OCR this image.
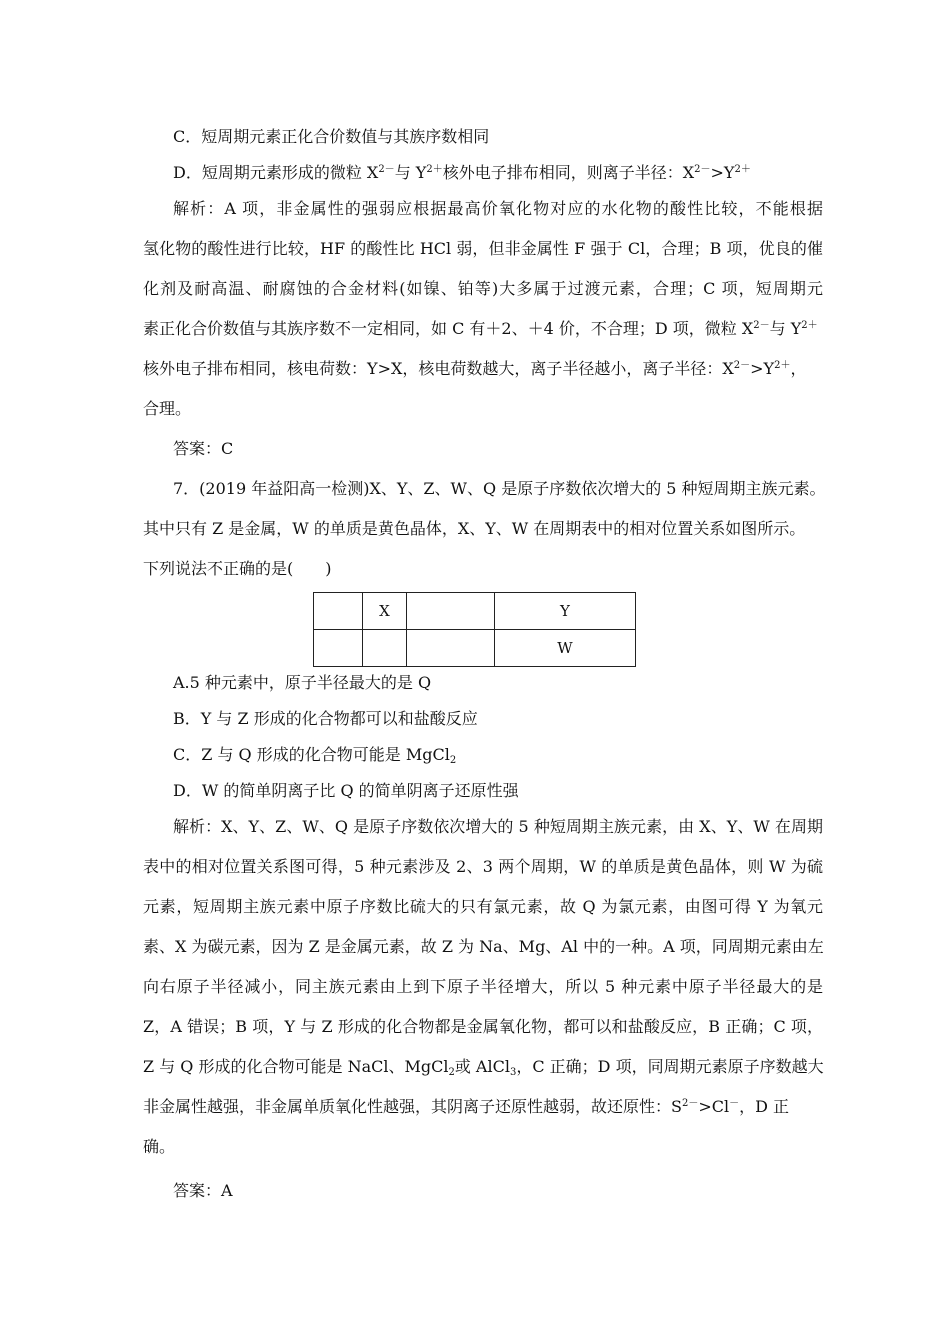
C．短周期元素正化合价数值与其族序数相同
D．短周期元素形成的微粒 $X^{2-}$与 $Y^{2+}$核外电子排布相同，则离子半径：$X^{2-}>Y^{2+}$
解析：A 项，非金属性的强弱应根据最高价氧化物对应的水化物的酸性比较，不能根据
氢化物的酸性进行比较，HF 的酸性比 HCl 弱，但非金属性 F 强于 Cl，合理；B 项，优良的催
化剂及耐高温、耐腐蚀的合金材料(如镍、铂等)大多属于过渡元素，合理；C 项，短周期元
素正化合价数值与其族序数不一定相同，如 C 有＋2、＋4 价，不合理；D 项，微粒 $X^{2-}$与 $Y^{2+}$
核外电子排布相同，核电荷数：Y>X，核电荷数越大，离子半径越小，离子半径：$X^{2-}>Y^{2+}$，
合理。
答案：C
7．(2019 年益阳高一检测)X、Y、Z、W、Q 是原子序数依次增大的 5 种短周期主族元素。
其中只有 Z 是金属，W 的单质是黄色晶体，X、Y、W 在周期表中的相对位置关系如图所示。
下列说法不正确的是(　　)
	X		Y
			W
A.5 种元素中，原子半径最大的是 Q
B．Y 与 Z 形成的化合物都可以和盐酸反应
C．Z 与 Q 形成的化合物可能是 MgCl$_2$
D．W 的简单阴离子比 Q 的简单阴离子还原性强
解析：X、Y、Z、W、Q 是原子序数依次增大的 5 种短周期主族元素，由 X、Y、W 在周期
表中的相对位置关系图可得，5 种元素涉及 2、3 两个周期，W 的单质是黄色晶体，则 W 为硫
元素，短周期主族元素中原子序数比硫大的只有氯元素，故 Q 为氯元素，由图可得 Y 为氧元
素、X 为碳元素，因为 Z 是金属元素，故 Z 为 Na、Mg、Al 中的一种。A 项，同周期元素由左
向右原子半径减小，同主族元素由上到下原子半径增大，所以 5 种元素中原子半径最大的是
Z，A 错误；B 项，Y 与 Z 形成的化合物都是金属氧化物，都可以和盐酸反应，B 正确；C 项，
Z 与 Q 形成的化合物可能是 NaCl、MgCl$_2$或 AlCl$_3$，C 正确；D 项，同周期元素原子序数越大
非金属性越强，非金属单质氧化性越强，其阴离子还原性越弱，故还原性：$S^{2-}>Cl^-$，D 正
确。
答案：A
